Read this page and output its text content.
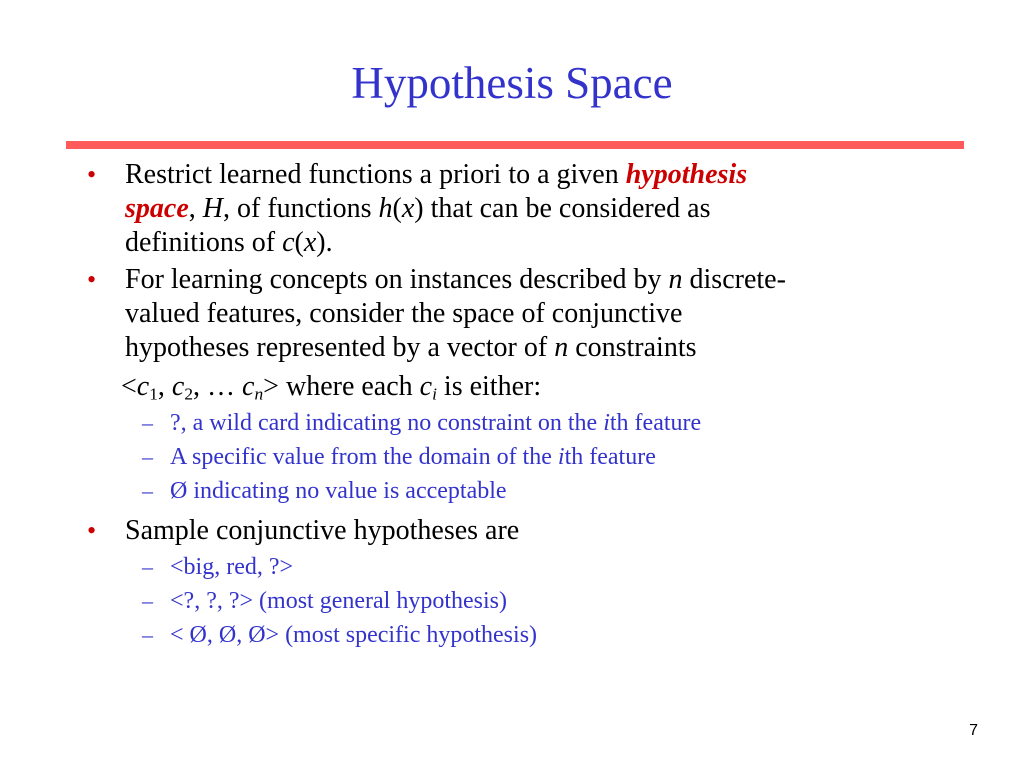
Hypothesis Space
• Restrict learned functions a priori to a given hypothesis
space, H, of functions h(x) that can be considered as
definitions of c(x).
• For learning concepts on instances described by n discrete-
valued features, consider the space of conjunctive
hypotheses represented by a vector of n constraints
$<c_1$, $c_2$, … $c_n>$ where each $c_i$ is either:
– ?, a wild card indicating no constraint on the ith feature
– A specific value from the domain of the ith feature
– Ø indicating no value is acceptable
• Sample conjunctive hypotheses are
– <big, red, ?>
– <?, ?, ?> (most general hypothesis)
– < Ø, Ø, Ø> (most specific hypothesis)
7
